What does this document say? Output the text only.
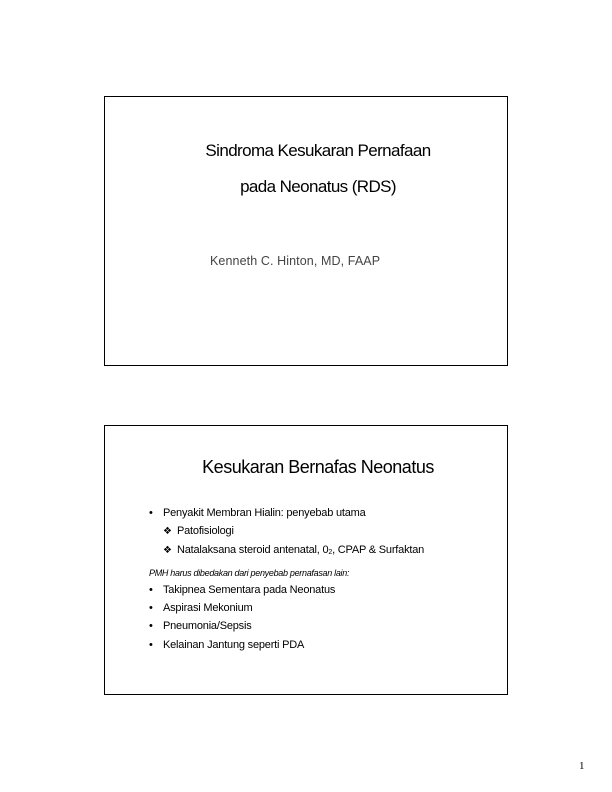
Sindroma Kesukaran Pernafaan
pada Neonatus (RDS)
Kenneth C. Hinton, MD, FAAP
Kesukaran Bernafas Neonatus
• Penyakit Membran Hialin: penyebab utama
❖ Patofisiologi
❖ Natalaksana steroid antenatal, 02, CPAP & Surfaktan
PMH harus dibedakan dari penyebab pernafasan lain:
• Takipnea Sementara pada Neonatus
• Aspirasi Mekonium
• Pneumonia/Sepsis
• Kelainan Jantung seperti PDA
1
